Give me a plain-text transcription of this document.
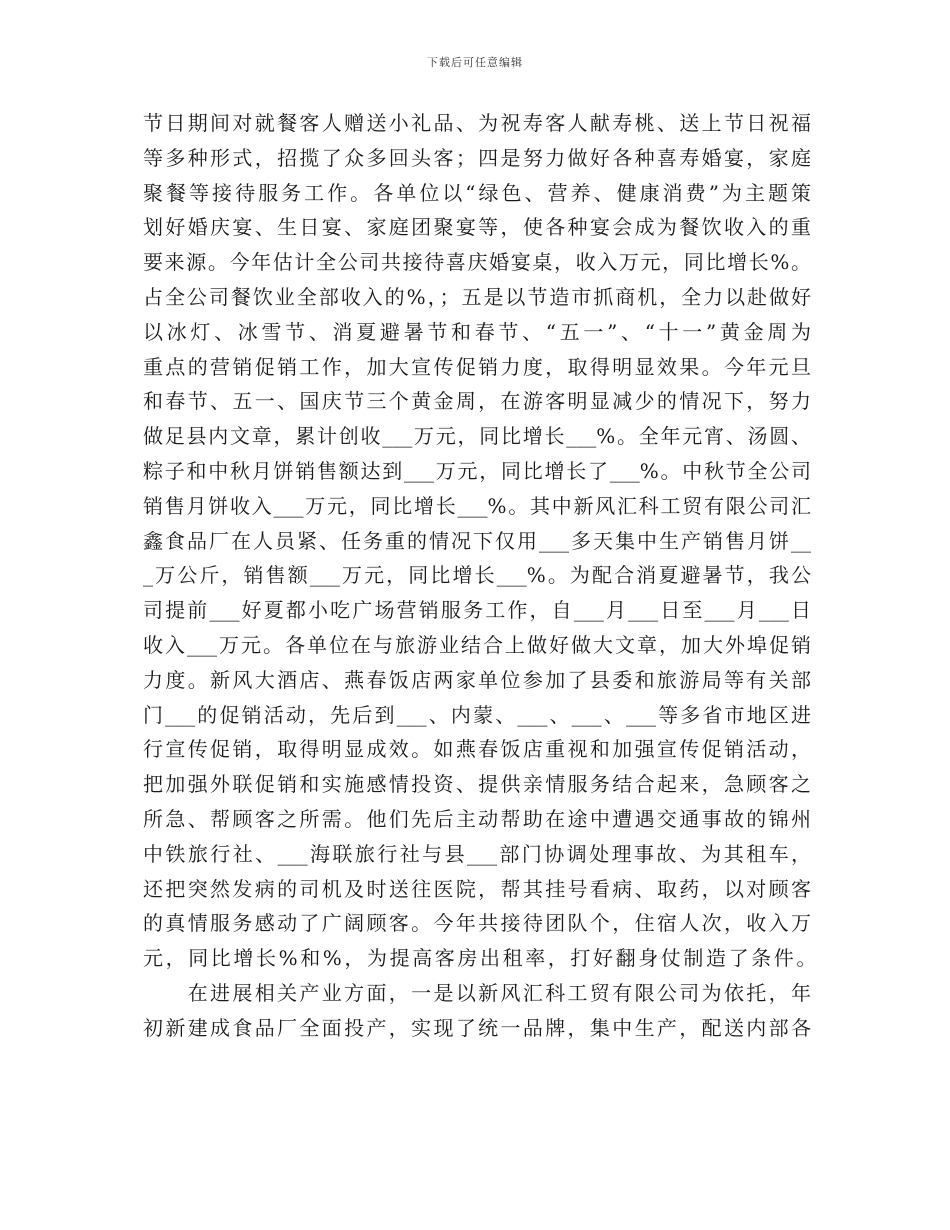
下载后可任意编辑
节日期间对就餐客人赠送小礼品、为祝寿客人献寿桃、送上节日祝福
等多种形式，招揽了众多回头客；四是努力做好各种喜寿婚宴，家庭
聚餐等接待服务工作。各单位以“绿色、营养、健康消费”为主题策
划好婚庆宴、生日宴、家庭团聚宴等，使各种宴会成为餐饮收入的重
要来源。今年估计全公司共接待喜庆婚宴桌，收入万元，同比增长%。
占全公司餐饮业全部收入的%，；五是以节造市抓商机，全力以赴做好
以冰灯、冰雪节、消夏避暑节和春节、“五一”、“十一”黄金周为
重点的营销促销工作，加大宣传促销力度，取得明显效果。今年元旦
和春节、五一、国庆节三个黄金周，在游客明显减少的情况下，努力
做足县内文章，累计创收___万元，同比增长___%。全年元宵、汤圆、
粽子和中秋月饼销售额达到___万元，同比增长了___%。中秋节全公司
销售月饼收入___万元，同比增长___%。其中新风汇科工贸有限公司汇
鑫食品厂在人员紧、任务重的情况下仅用___多天集中生产销售月饼__
_万公斤，销售额___万元，同比增长___%。为配合消夏避暑节，我公
司提前___好夏都小吃广场营销服务工作，自___月___日至___月___日
收入___万元。各单位在与旅游业结合上做好做大文章，加大外埠促销
力度。新风大酒店、燕春饭店两家单位参加了县委和旅游局等有关部
门___的促销活动，先后到___、内蒙、___、___、___等多省市地区进
行宣传促销，取得明显成效。如燕春饭店重视和加强宣传促销活动，
把加强外联促销和实施感情投资、提供亲情服务结合起来，急顾客之
所急、帮顾客之所需。他们先后主动帮助在途中遭遇交通事故的锦州
中铁旅行社、___海联旅行社与县___部门协调处理事故、为其租车，
还把突然发病的司机及时送往医院，帮其挂号看病、取药，以对顾客
的真情服务感动了广阔顾客。今年共接待团队个，住宿人次，收入万
元，同比增长%和%，为提高客房出租率，打好翻身仗制造了条件。
　　在进展相关产业方面，一是以新风汇科工贸有限公司为依托，年
初新建成食品厂全面投产，实现了统一品牌，集中生产，配送内部各
